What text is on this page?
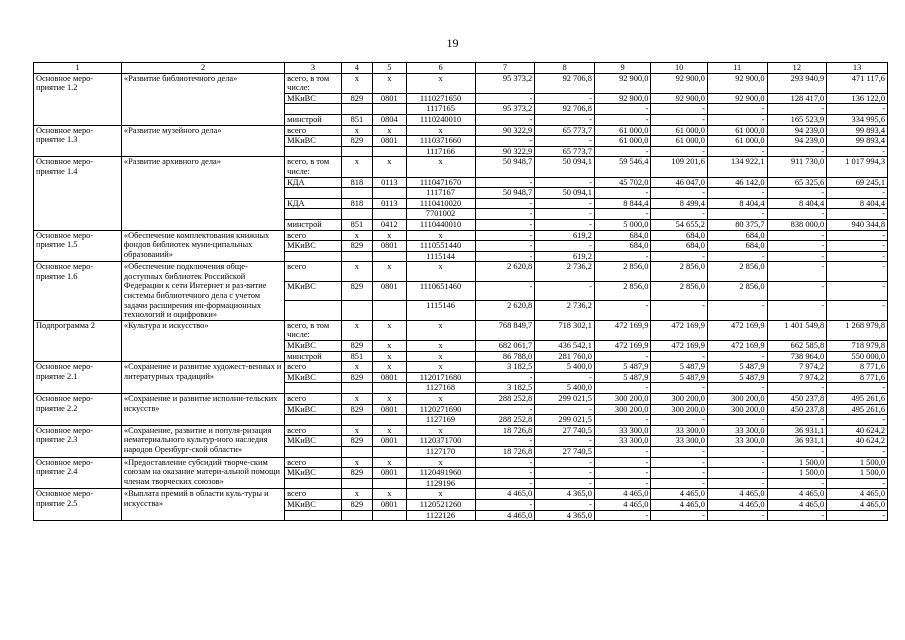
19
1	2	3	4	5	6	7	8	9	10	11	12	13
Основное меро-приятие 1.2	«Развитие библиотечного дела»	всего, в том числе:	x	x	x	95 373,2	92 706,8	92 900,0	92 900,0	92 900,0	293 940,9	471 117,6
		МКиВС	829	0801	1110271650	-	-	92 900,0	92 900,0	92 900,0	128 417,0	136 122,0
					1117165	95 373,2	92 706,8	-	-	-	-	-
		минстрой	851	0804	1110240010	-	-	-	-	-	165 523,9	334 995,6
Основное меро-приятие 1.3	«Развитие музейного дела»	всего	x	x	x	90 322,9	65 773,7	61 000,0	61 000,0	61 000,0	94 239,0	99 893,4
		МКиВС	829	0801	1110371660	-	-	61 000,0	61 000,0	61 000,0	94 239,0	99 893,4
					1117166	90 322,9	65 773,7	-	-	-	-	-
Основное меро-приятие 1.4	«Развитие архивного дела»	всего, в том числе:	x	x	x	50 948,7	50 094,1	59 546,4	109 201,6	134 922,1	911 730,0	1 017 994,3
		КДА	818	0113	1110471670	-	-	45 702,0	46 047,0	46 142,0	65 325,6	69 245,1
					1117167	50 948,7	50 094,1	-	-	-	-	-
		КДА	818	0113	1110410020	-	-	8 844,4	8 499,4	8 404,4	8 404,4	8 404,4
					7701002	-	-	-	-	-	-	-
		минстрой	851	0412	1110440010	-	-	5 000,0	54 655,2	80 375,7	838 000,0	940 344,8
Основное меро-приятие 1.5	«Обеспечение комплектования книжных фондов библиотек муни-ципальных образований»	всего	x	x	x	-	619,2	684,0	684,0	684,0	-	-
		МКиВС	829	0801	1110551440	-	-	684,0	684,0	684,0	-	-
					1115144	-	619,2	-	-	-	-	-
Основное меро-приятие 1.6	«Обеспечение подключения обще-доступных библиотек Российской Федерации к сети Интернет и раз-витие системы библиотечного дела с учетом задачи расширения ин-формационных технологий и оцифровки»	всего	x	x	x	2 620,8	2 736,2	2 856,0	2 856,0	2 856,0	-	-
		МКиВС	829	0801	1110651460	-	-	2 856,0	2 856,0	2 856,0	-	-
					1115146	2 620,8	2 736,2	-	-	-	-	-
Подпрограмма 2	«Культура и искусство»	всего, в том числе:	x	x	x	768 849,7	718 302,1	472 169,9	472 169,9	472 169,9	1 401 549,8	1 268 979,8
		МКиВС	829	x	x	682 061,7	436 542,1	472 169,9	472 169,9	472 169,9	662 585,8	718 979,8
		минстрой	851	x	x	86 788,0	281 760,0	-	-	-	738 964,0	550 000,0
Основное меро-приятие 2.1	«Сохранение и развитие художест-венных и литературных традиций»	всего	x	x	x	3 182,5	5 400,0	5 487,9	5 487,9	5 487,9	7 974,2	8 771,6
		МКиВС	829	0801	1120171680	-	-	5 487,9	5 487,9	5 487,9	7 974,2	8 771,6
					1127168	3 182,5	5 400,0	-	-	-	-	-
Основное меро-приятие 2.2	«Сохранение и развитие исполни-тельских искусств»	всего	x	x	x	288 252,8	299 021,5	300 200,0	300 200,0	300 200,0	450 237,8	495 261,6
		МКиВС	829	0801	1120271690	-	-	300 200,0	300 200,0	300 200,0	450 237,8	495 261,6
					1127169	288 252,8	299 021,5	-	-	-	-	-
Основное меро-приятие 2.3	«Сохранение, развитие и популя-ризация нематериального культур-ного наследия народов Оренбург-ской области»	всего	x	x	x	18 726,8	27 740,5	33 300,0	33 300,0	33 300,0	36 931,1	40 624,2
		МКиВС	829	0801	1120371700	-	-	33 300,0	33 300,0	33 300,0	36 931,1	40 624,2
					1127170	18 726,8	27 740,5	-	-	-	-	-
Основное меро-приятие 2.4	«Предоставление субсидий творче-ским союзам на оказание матери-альной помощи членам творческих союзов»	всего	x	x	x	-	-	-	-	-	1 500,0	1 500,0
		МКиВС	829	0801	1120491960	-	-	-	-	-	1 500,0	1 500,0
					1129196	-	-	-	-	-	-	-
Основное меро-приятие 2.5	«Выплата премий в области куль-туры и искусства»	всего	x	x	x	4 465,0	4 365,0	4 465,0	4 465,0	4 465,0	4 465,0	4 465,0
		МКиВС	829	0801	1120521260	-	-	4 465,0	4 465,0	4 465,0	4 465,0	4 465,0
					1122126	4 465,0	4 365,0	-	-	-	-	-
